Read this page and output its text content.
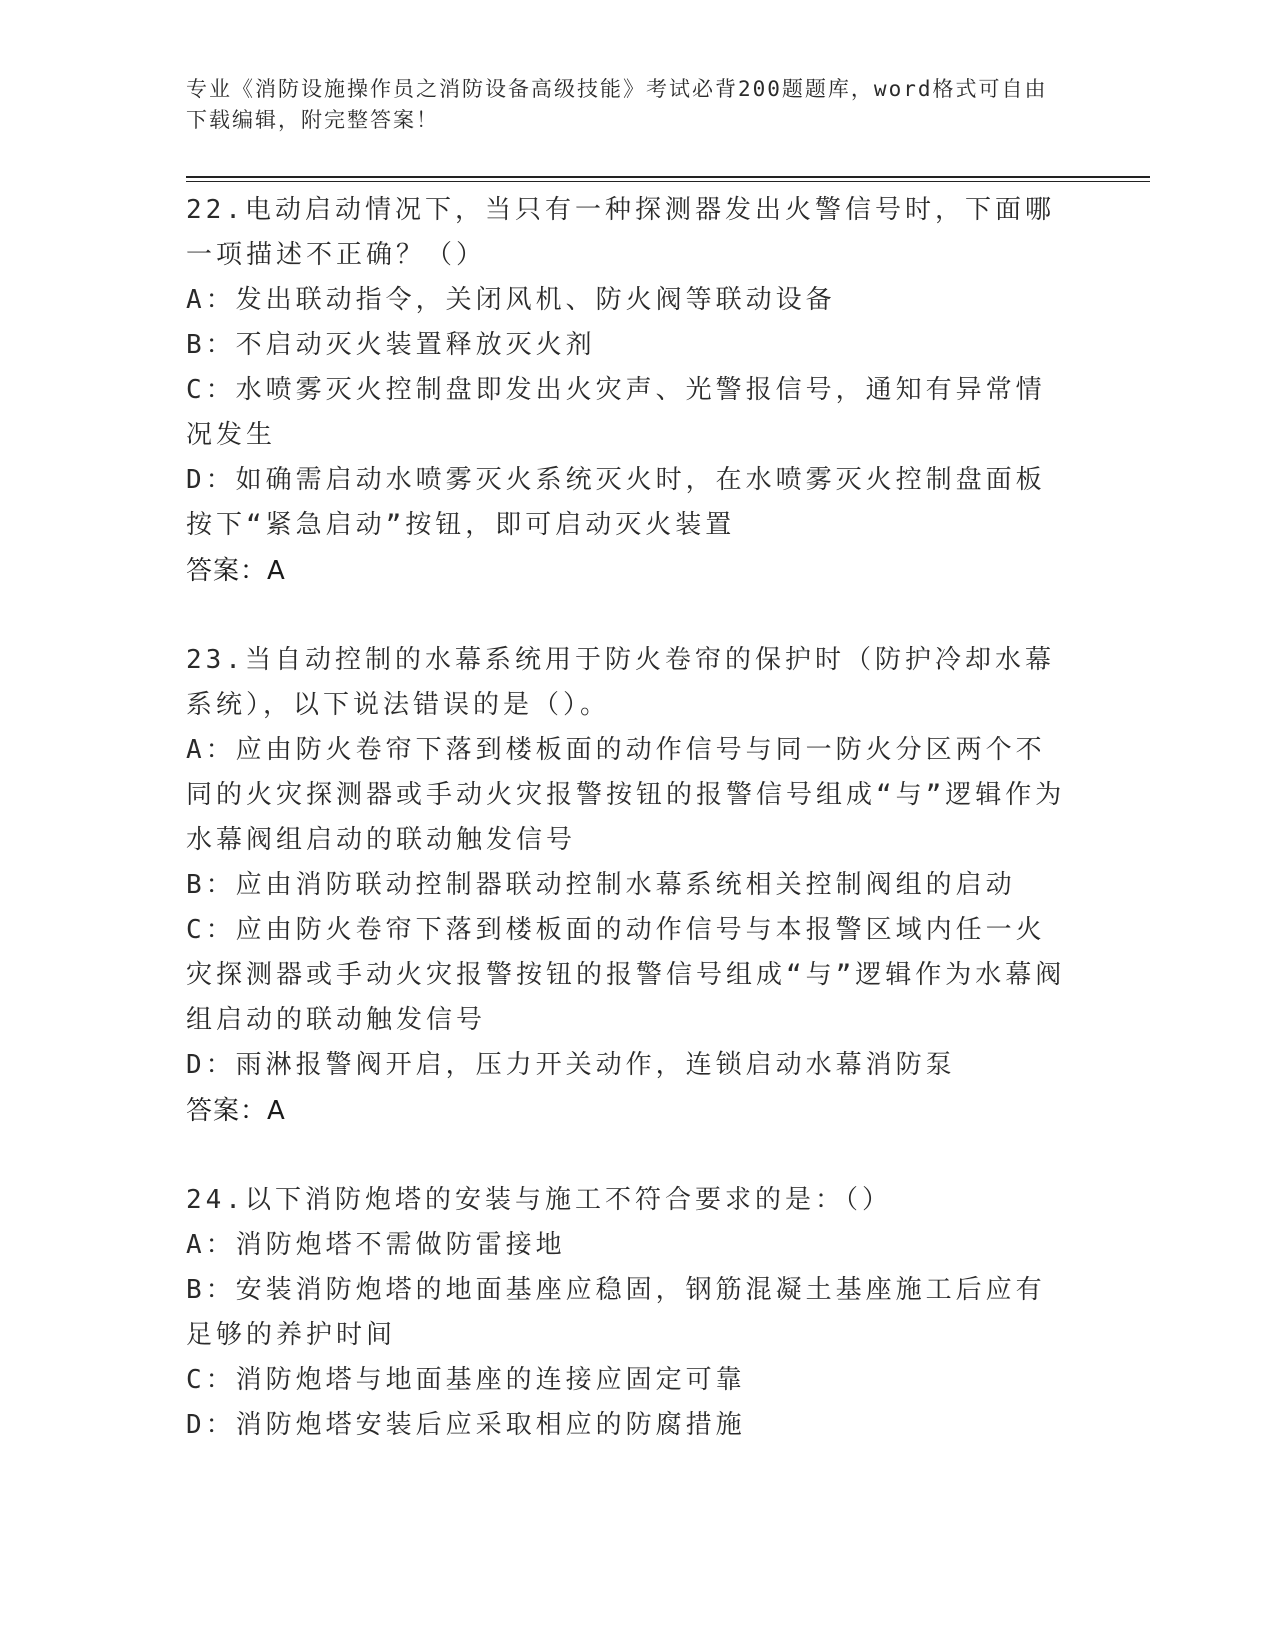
专业《消防设施操作员之消防设备高级技能》考试必背200题题库，word格式可自由下载编辑，附完整答案！
22.电动启动情况下，当只有一种探测器发出火警信号时，下面哪一项描述不正确？（）
A：发出联动指令，关闭风机、防火阀等联动设备
B：不启动灭火装置释放灭火剂
C：水喷雾灭火控制盘即发出火灾声、光警报信号，通知有异常情况发生
D：如确需启动水喷雾灭火系统灭火时，在水喷雾灭火控制盘面板按下“紧急启动”按钮，即可启动灭火装置
答案：A
23.当自动控制的水幕系统用于防火卷帘的保护时（防护冷却水幕系统），以下说法错误的是（）。
A：应由防火卷帘下落到楼板面的动作信号与同一防火分区两个不同的火灾探测器或手动火灾报警按钮的报警信号组成“与”逻辑作为水幕阀组启动的联动触发信号
B：应由消防联动控制器联动控制水幕系统相关控制阀组的启动
C：应由防火卷帘下落到楼板面的动作信号与本报警区域内任一火灾探测器或手动火灾报警按钮的报警信号组成“与”逻辑作为水幕阀组启动的联动触发信号
D：雨淋报警阀开启，压力开关动作，连锁启动水幕消防泵
答案：A
24.以下消防炮塔的安装与施工不符合要求的是：（）
A：消防炮塔不需做防雷接地
B：安装消防炮塔的地面基座应稳固，钢筋混凝土基座施工后应有足够的养护时间
C：消防炮塔与地面基座的连接应固定可靠
D：消防炮塔安装后应采取相应的防腐措施
